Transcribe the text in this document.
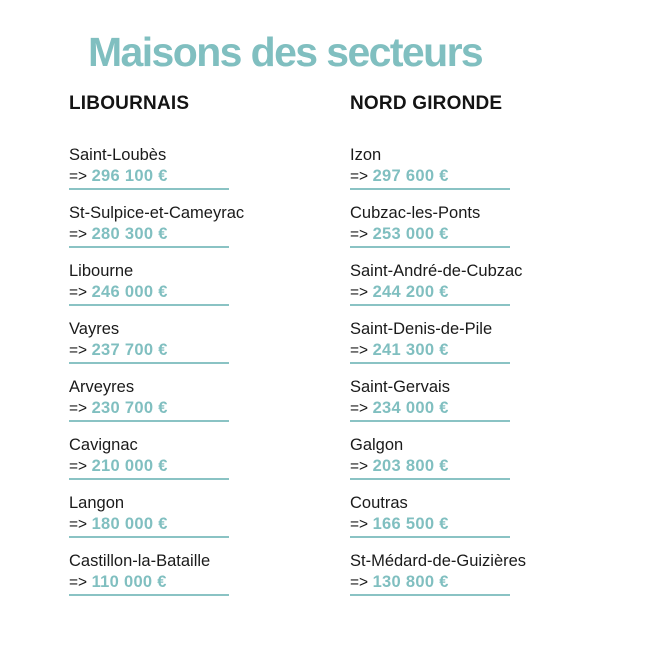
Maisons des secteurs
LIBOURNAIS
Saint-Loubès
=> 296 100 €
St-Sulpice-et-Cameyrac
=> 280 300 €
Libourne
=> 246 000 €
Vayres
=> 237 700 €
Arveyres
=> 230 700 €
Cavignac
=> 210 000 €
Langon
=> 180 000 €
Castillon-la-Bataille
=> 110 000 €
NORD GIRONDE
Izon
=> 297 600 €
Cubzac-les-Ponts
=> 253 000 €
Saint-André-de-Cubzac
=> 244 200 €
Saint-Denis-de-Pile
=> 241 300 €
Saint-Gervais
=> 234 000 €
Galgon
=> 203 800 €
Coutras
=> 166 500 €
St-Médard-de-Guizières
=> 130 800 €
